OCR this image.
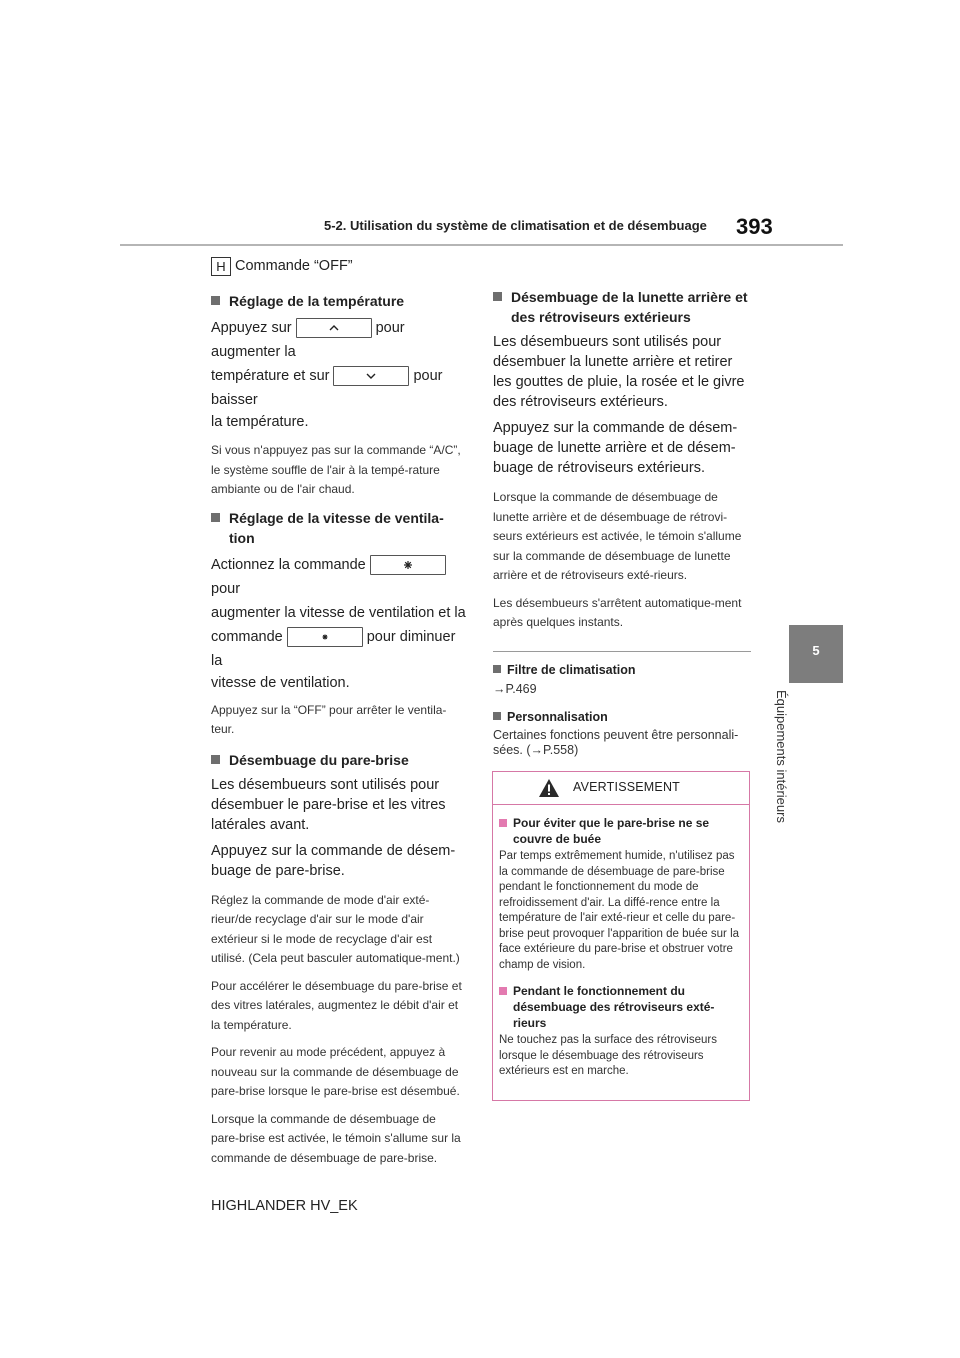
5-2. Utilisation du système de climatisation et de désembuage 393
5
Équipements intérieurs

H Commande “OFF”

Réglage de la température

Appuyez sur	pour augmenter la

température et sur	pour baisser

la température.

Si vous n'appuyez pas sur la commande “A/C”, le système souffle de l'air à la tempé-rature ambiante ou de l'air chaud.

Réglage de la vitesse de ventila-tion

Actionnez la commande
pour

augmenter la vitesse de ventilation et la

commande	pour diminuer la

vitesse de ventilation.

Appuyez sur la “OFF” pour arrêter le ventila-teur.

Désembuage du pare-brise

Les désembueurs sont utilisés pour désembuer le pare-brise et les vitres latérales avant.

Appuyez sur la commande de désem-buage de pare-brise.

Réglez la commande de mode d'air exté-rieur/de recyclage d'air sur le mode d'air extérieur si le mode de recyclage d'air est utilisé. (Cela peut basculer automatique-ment.)

Pour accélérer le désembuage du pare-brise et des vitres latérales, augmentez le débit d'air et la température.

Pour revenir au mode précédent, appuyez à nouveau sur la commande de désembuage de pare-brise lorsque le pare-brise est désembué.

Lorsque la commande de désembuage de pare-brise est activée, le témoin s'allume sur la commande de désembuage de pare-brise.

Désembuage de la lunette arrière et des rétroviseurs extérieurs

Les désembueurs sont utilisés pour désembuer la lunette arrière et retirer les gouttes de pluie, la rosée et le givre des rétroviseurs extérieurs.

Appuyez sur la commande de désem-buage de lunette arrière et de désem-buage de rétroviseurs extérieurs.

Lorsque la commande de désembuage de lunette arrière et de désembuage de rétrovi-seurs extérieurs est activée, le témoin s'allume sur la commande de désembuage de lunette arrière et de rétroviseurs exté-rieurs.

Les désembueurs s'arrêtent automatique-ment après quelques instants.

Filtre de climatisation

→P.469

Personnalisation

Certaines fonctions peuvent être personnali-sées. (→P.558)

AVERTISSEMENT
Pour éviter que le pare-brise ne se couvre de buée

Par temps extrêmement humide, n'utilisez pas la commande de désembuage de pare-brise pendant le fonctionnement du mode de refroidissement d'air. La diffé-rence entre la température de l'air exté-rieur et celle du pare-brise peut provoquer l'apparition de buée sur la face extérieure du pare-brise et obstruer votre champ de vision.

Pendant le fonctionnement du désembuage des rétroviseurs exté-rieurs

Ne touchez pas la surface des rétroviseurs lorsque le désembuage des rétroviseurs extérieurs est en marche.

HIGHLANDER HV_EK
